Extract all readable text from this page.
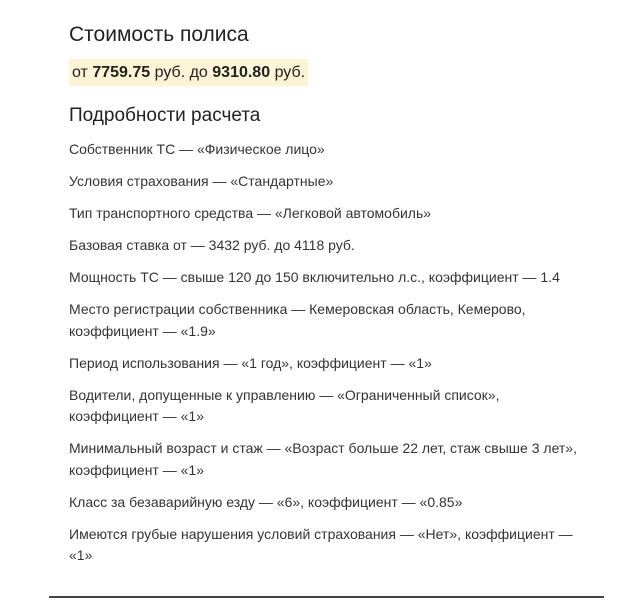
Стоимость полиса
от 7759.75 руб. до 9310.80 руб.
Подробности расчета
Собственник ТС — «Физическое лицо»
Условия страхования — «Стандартные»
Тип транспортного средства — «Легковой автомобиль»
Базовая ставка от — 3432 руб. до 4118 руб.
Мощность ТС — свыше 120 до 150 включительно л.с., коэффициент — 1.4
Место регистрации собственника — Кемеровская область, Кемерово, коэффициент — «1.9»
Период использования — «1 год», коэффициент — «1»
Водители, допущенные к управлению — «Ограниченный список», коэффициент — «1»
Минимальный возраст и стаж — «Возраст больше 22 лет, стаж свыше 3 лет», коэффициент — «1»
Класс за безаварийную езду — «6», коэффициент — «0.85»
Имеются грубые нарушения условий страхования — «Нет», коэффициент — «1»
